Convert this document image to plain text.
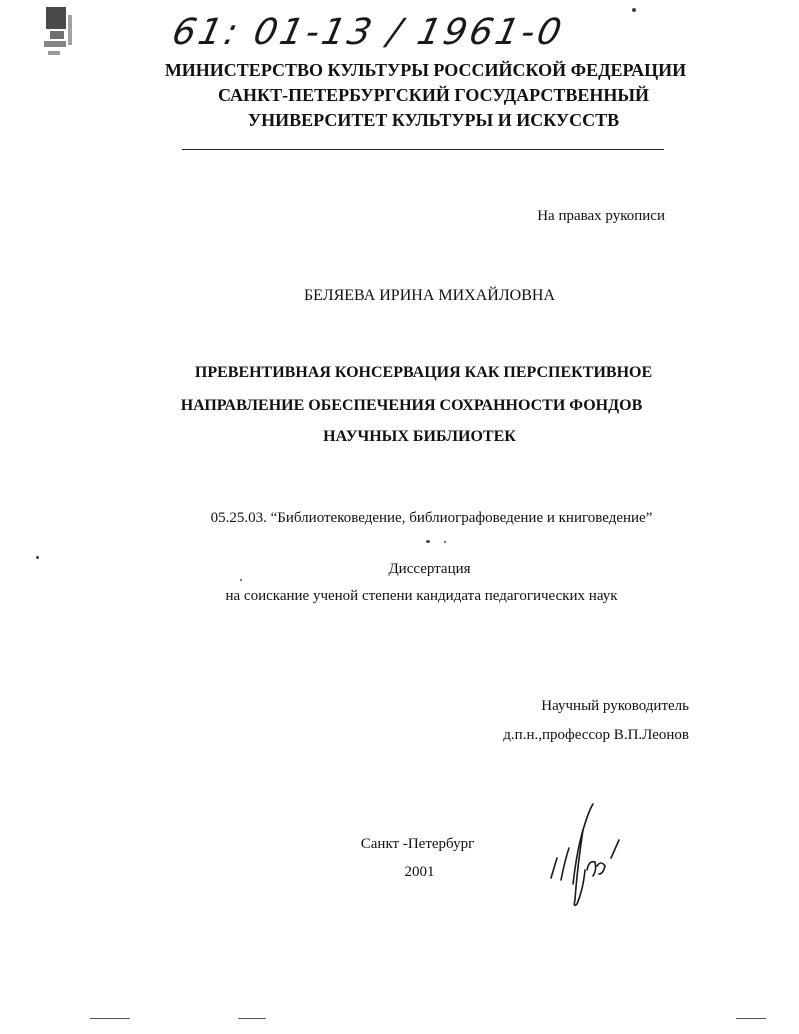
61: 01-13 / 1961-0
МИНИСТЕРСТВО КУЛЬТУРЫ РОССИЙСКОЙ ФЕДЕРАЦИИ
САНКТ-ПЕТЕРБУРГСКИЙ ГОСУДАРСТВЕННЫЙ
УНИВЕРСИТЕТ КУЛЬТУРЫ И ИСКУССТВ
На правах рукописи
БЕЛЯЕВА ИРИНА МИХАЙЛОВНА
ПРЕВЕНТИВНАЯ КОНСЕРВАЦИЯ КАК ПЕРСПЕКТИВНОЕ
НАПРАВЛЕНИЕ ОБЕСПЕЧЕНИЯ СОХРАННОСТИ ФОНДОВ
НАУЧНЫХ БИБЛИОТЕК
05.25.03. “Библиотековедение, библиографоведение и книговедение”
Диссертация
на соискание ученой степени кандидата педагогических наук
Научный руководитель
д.п.н.,профессор В.П.Леонов
Санкт -Петербург
2001
